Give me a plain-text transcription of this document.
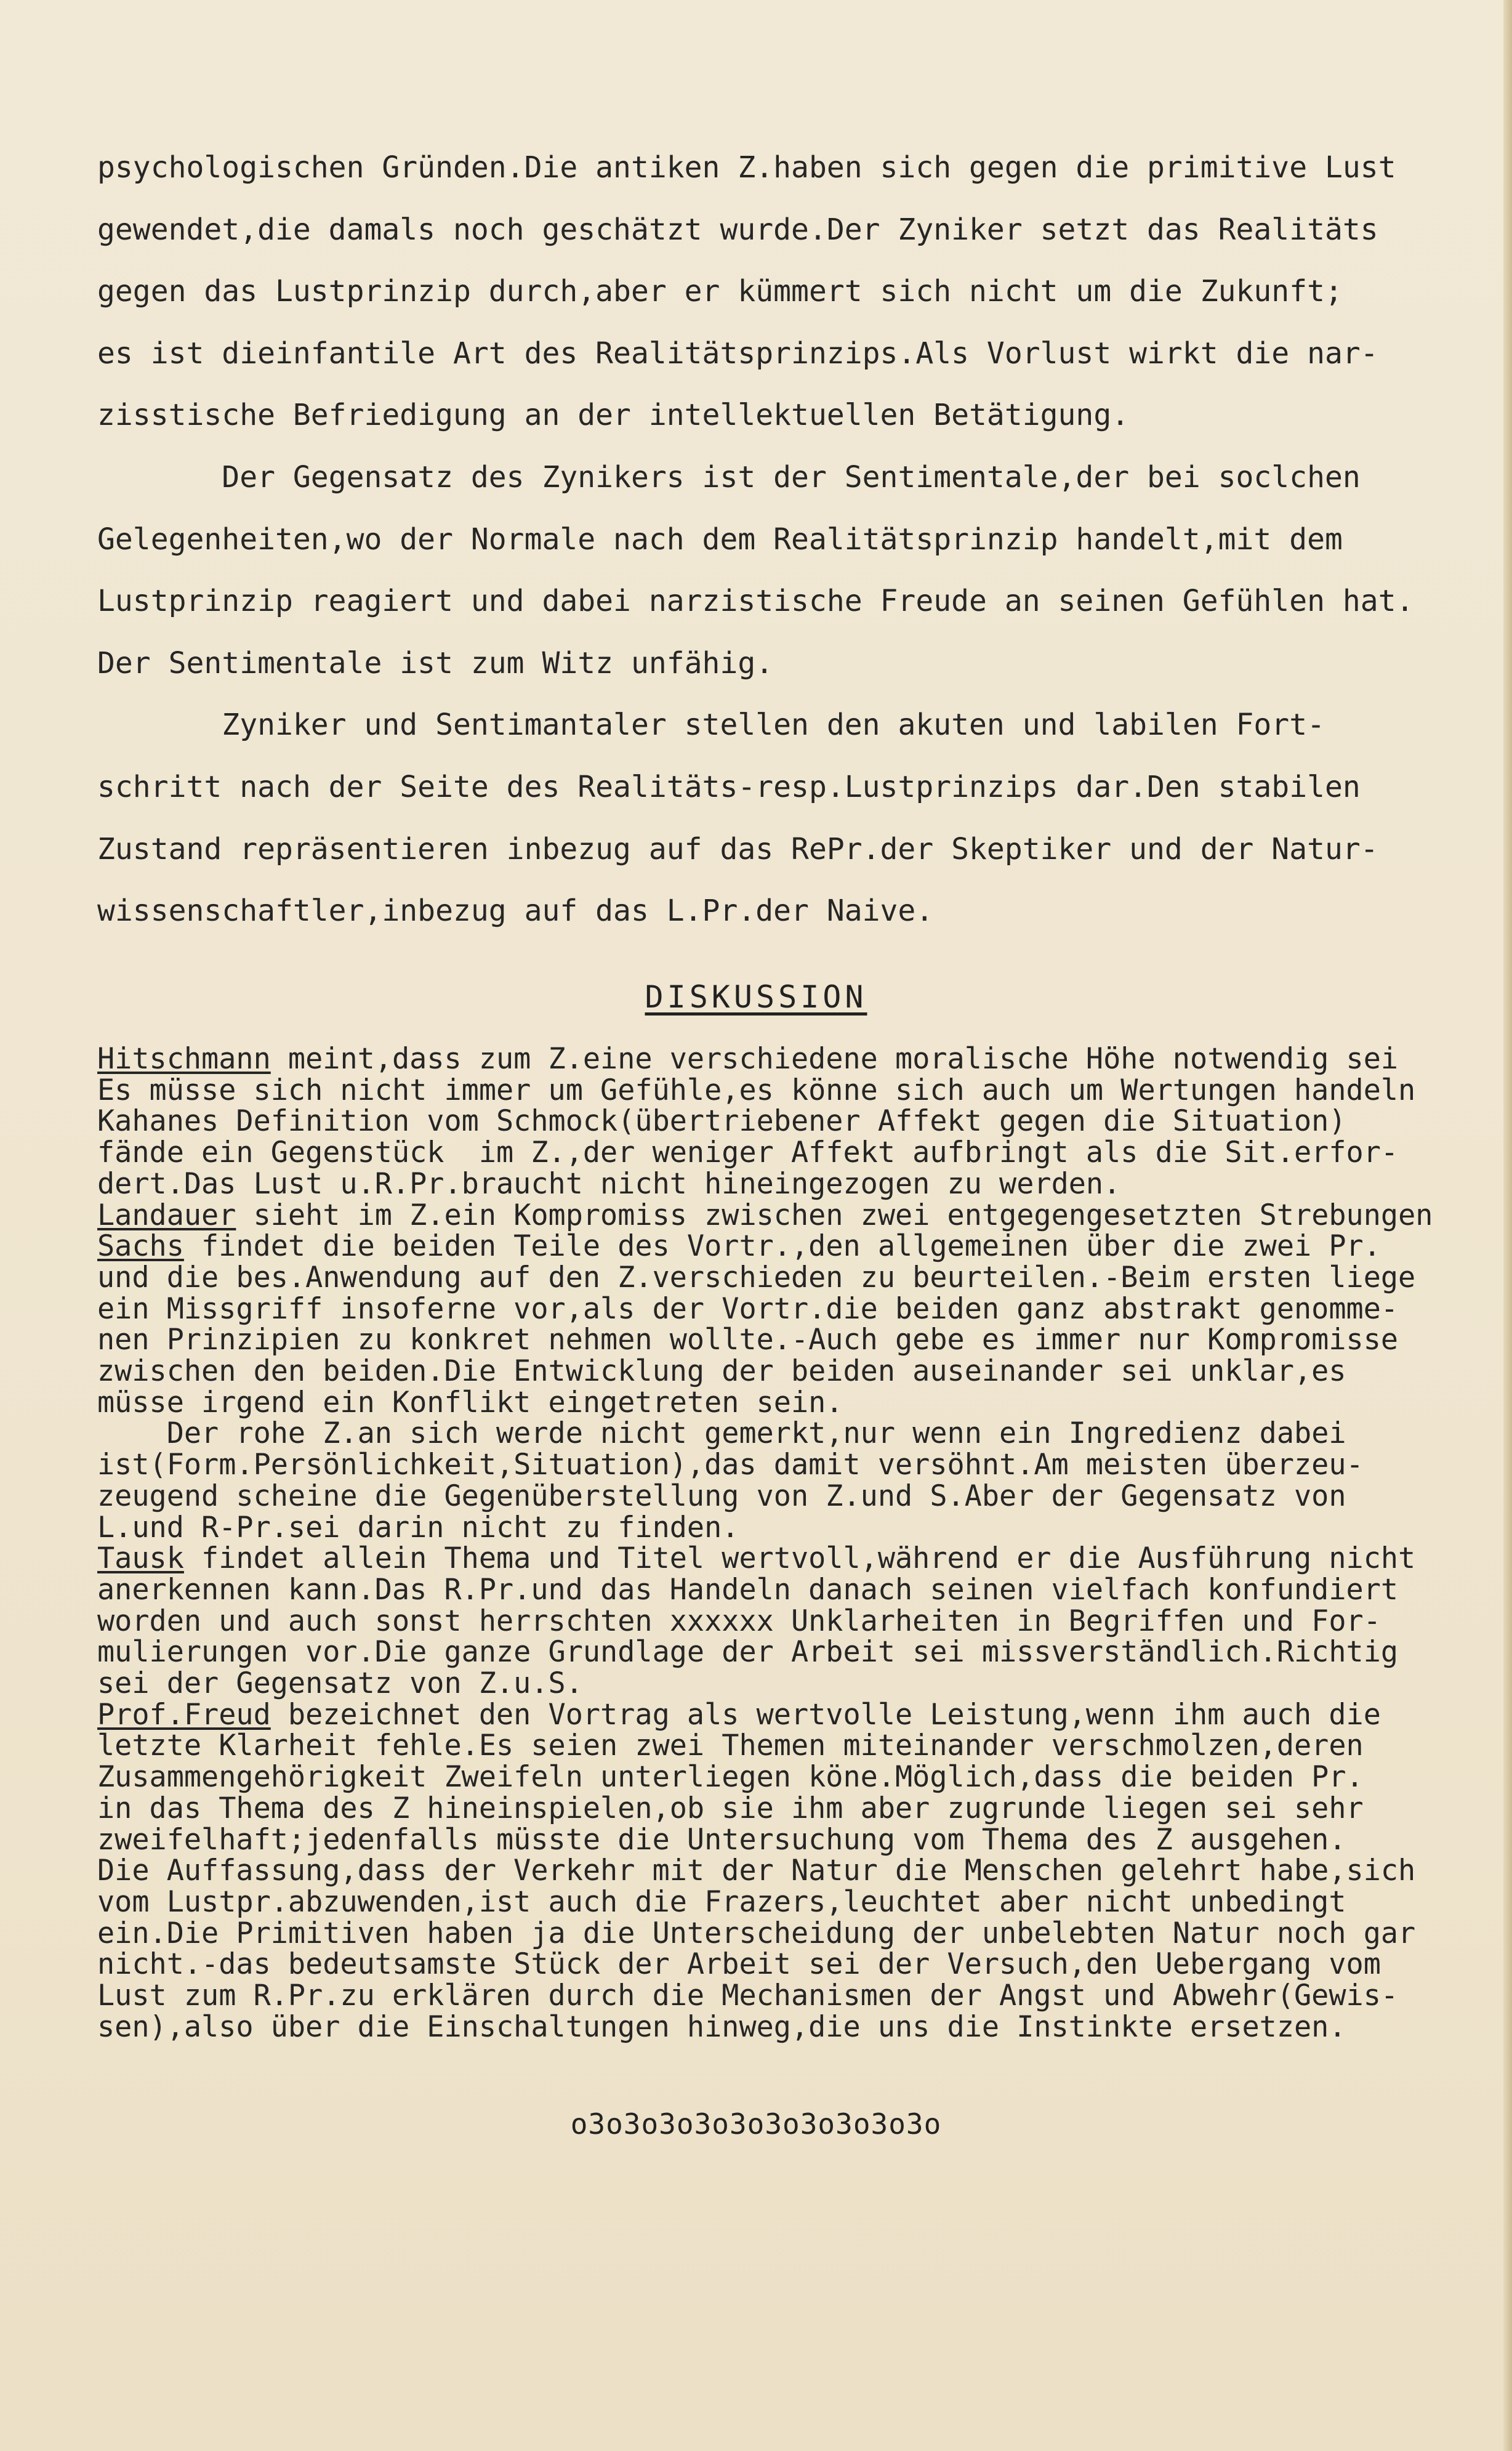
psychologischen Gründen.Die antiken Z.haben sich gegen die primitive Lust

gewendet,die damals noch geschätzt wurde.Der Zyniker setzt das Realitäts

gegen das Lustprinzip durch,aber er kümmert sich nicht um die Zukunft;

es ist dieinfantile Art des Realitätsprinzips.Als Vorlust wirkt die nar-

zisstische Befriedigung an der intellektuellen Betätigung.

Der Gegensatz des Zynikers ist der Sentimentale,der bei soclchen

Gelegenheiten,wo der Normale nach dem Realitätsprinzip handelt,mit dem

Lustprinzip reagiert und dabei narzistische Freude an seinen Gefühlen hat.

Der Sentimentale ist zum Witz unfähig.

Zyniker und Sentimantaler stellen den akuten und labilen Fort-

schritt nach der Seite des Realitäts-resp.Lustprinzips dar.Den stabilen

Zustand repräsentieren inbezug auf das RePr.der Skeptiker und der Natur-

wissenschaftler,inbezug auf das L.Pr.der Naive.

DISKUSSION

Hitschmann meint,dass zum Z.eine verschiedene moralische Höhe notwendig sei

Es müsse sich nicht immer um Gefühle,es könne sich auch um Wertungen handeln

Kahanes Definition vom Schmock(übertriebener Affekt gegen die Situation)

fände ein Gegenstück  im Z.,der weniger Affekt aufbringt als die Sit.erfor-

dert.Das Lust u.R.Pr.braucht nicht hineingezogen zu werden.

Landauer sieht im Z.ein Kompromiss zwischen zwei entgegengesetzten Strebungen

Sachs findet die beiden Teile des Vortr.,den allgemeinen über die zwei Pr.

und die bes.Anwendung auf den Z.verschieden zu beurteilen.-Beim ersten liege

ein Missgriff insoferne vor,als der Vortr.die beiden ganz abstrakt genomme-

nen Prinzipien zu konkret nehmen wollte.-Auch gebe es immer nur Kompromisse

zwischen den beiden.Die Entwicklung der beiden auseinander sei unklar,es

müsse irgend ein Konflikt eingetreten sein.

Der rohe Z.an sich werde nicht gemerkt,nur wenn ein Ingredienz dabei

ist(Form.Persönlichkeit,Situation),das damit versöhnt.Am meisten überzeu-

zeugend scheine die Gegenüberstellung von Z.und S.Aber der Gegensatz von

L.und R-Pr.sei darin nicht zu finden.

Tausk findet allein Thema und Titel wertvoll,während er die Ausführung nicht

anerkennen kann.Das R.Pr.und das Handeln danach seinen vielfach konfundiert

worden und auch sonst herrschten xxxxxx Unklarheiten in Begriffen und For-

mulierungen vor.Die ganze Grundlage der Arbeit sei missverständlich.Richtig

sei der Gegensatz von Z.u.S.

Prof.Freud bezeichnet den Vortrag als wertvolle Leistung,wenn ihm auch die

letzte Klarheit fehle.Es seien zwei Themen miteinander verschmolzen,deren

Zusammengehörigkeit Zweifeln unterliegen köne.Möglich,dass die beiden Pr.

in das Thema des Z hineinspielen,ob sie ihm aber zugrunde liegen sei sehr

zweifelhaft;jedenfalls müsste die Untersuchung vom Thema des Z ausgehen.

Die Auffassung,dass der Verkehr mit der Natur die Menschen gelehrt habe,sich

vom Lustpr.abzuwenden,ist auch die Frazers,leuchtet aber nicht unbedingt

ein.Die Primitiven haben ja die Unterscheidung der unbelebten Natur noch gar

nicht.-das bedeutsamste Stück der Arbeit sei der Versuch,den Uebergang vom

Lust zum R.Pr.zu erklären durch die Mechanismen der Angst und Abwehr(Gewis-

sen),also über die Einschaltungen hinweg,die uns die Instinkte ersetzen.

o3o3o3o3o3o3o3o3o3o3o
